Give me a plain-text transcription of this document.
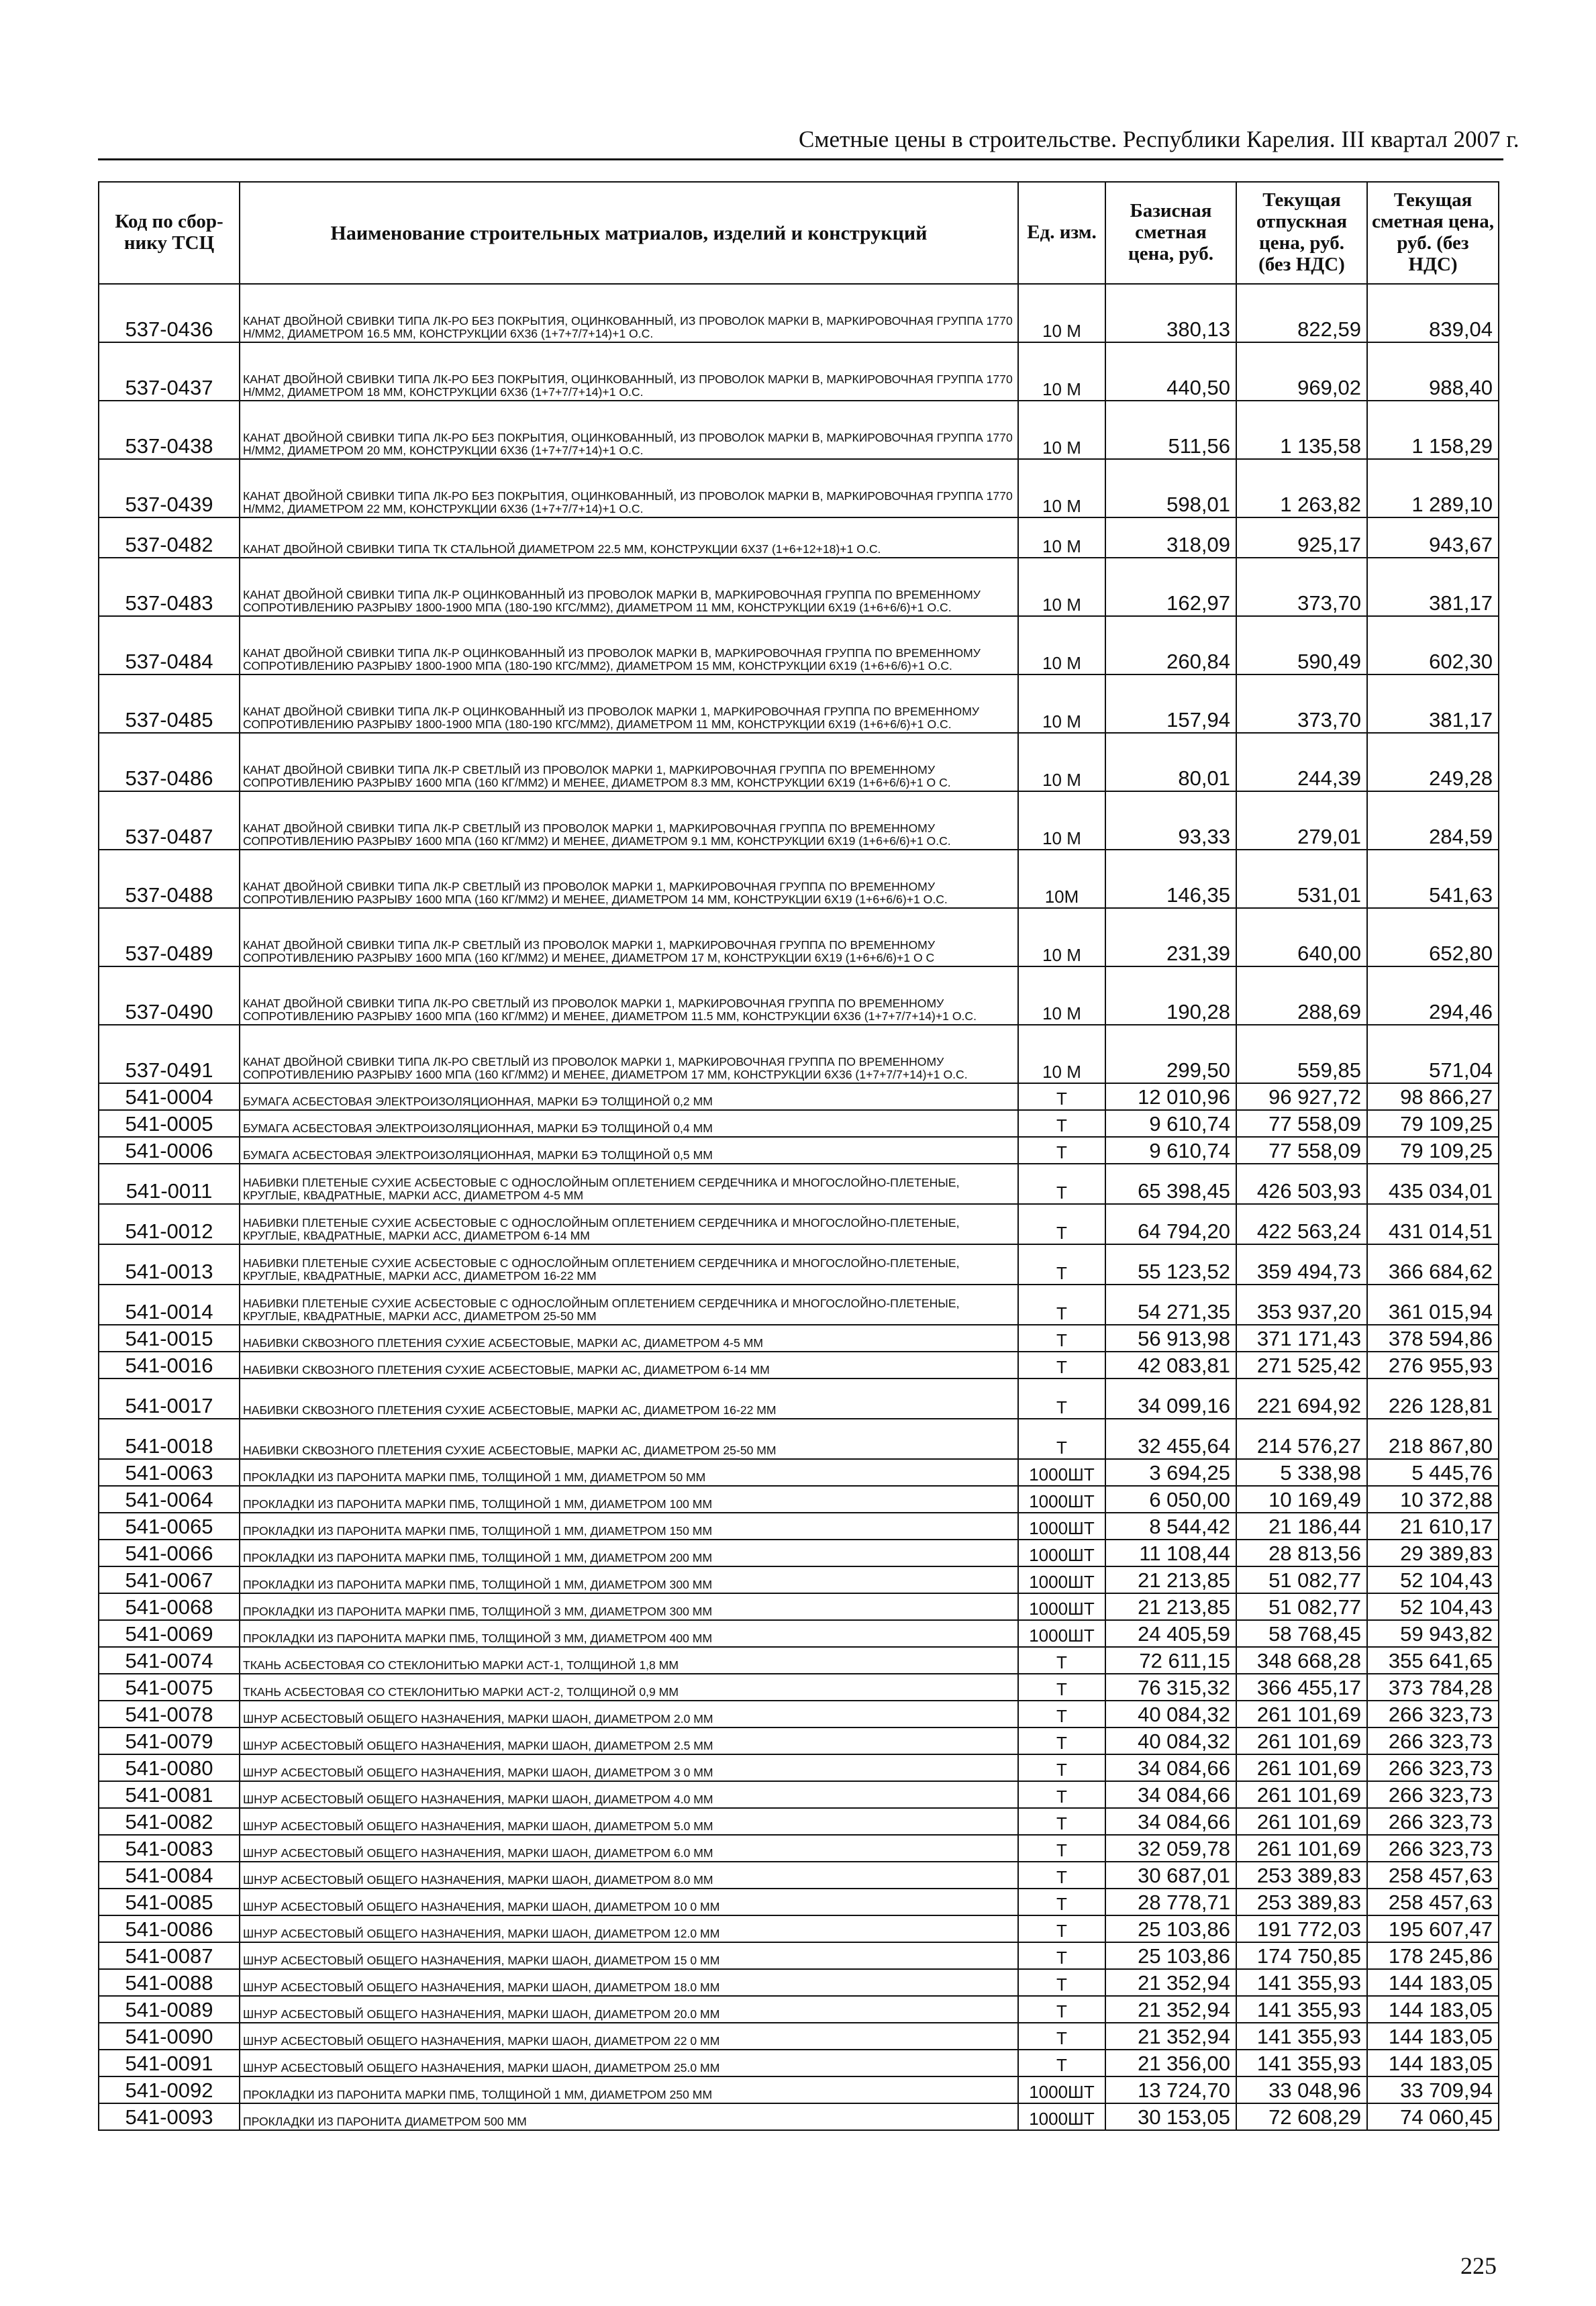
Сметные цены в строительстве. Республики Карелия. III квартал 2007 г.
Код по сбор-нику ТСЦ	Наименование строительных матриалов, изделий и конструкций	Ед. изм.	Базисная сметная цена, руб.	Текущая отпускная цена, руб. (без НДС)	Текущая сметная цена, руб. (без НДС)
537-0436	КАНАТ ДВОЙНОЙ СВИВКИ ТИПА ЛК-РО БЕЗ ПОКРЫТИЯ, ОЦИНКОВАННЫЙ, ИЗ ПРОВОЛОК МАРКИ В, МАРКИРОВОЧНАЯ ГРУППА 1770 Н/ММ2, ДИАМЕТРОМ 16.5 ММ, КОНСТРУКЦИИ 6Х36 (1+7+7/7+14)+1 О.С.	10 М	380,13	822,59	839,04
537-0437	КАНАТ ДВОЙНОЙ СВИВКИ ТИПА ЛК-РО БЕЗ ПОКРЫТИЯ, ОЦИНКОВАННЫЙ, ИЗ ПРОВОЛОК МАРКИ В, МАРКИРОВОЧНАЯ ГРУППА 1770 Н/ММ2, ДИАМЕТРОМ 18 ММ, КОНСТРУКЦИИ 6Х36 (1+7+7/7+14)+1 О.С.	10 М	440,50	969,02	988,40
537-0438	КАНАТ ДВОЙНОЙ СВИВКИ ТИПА ЛК-РО БЕЗ ПОКРЫТИЯ, ОЦИНКОВАННЫЙ, ИЗ ПРОВОЛОК МАРКИ В, МАРКИРОВОЧНАЯ ГРУППА 1770 Н/ММ2, ДИАМЕТРОМ 20 ММ, КОНСТРУКЦИИ 6Х36 (1+7+7/7+14)+1 О.С.	10 М	511,56	1 135,58	1 158,29
537-0439	КАНАТ ДВОЙНОЙ СВИВКИ ТИПА ЛК-РО БЕЗ ПОКРЫТИЯ, ОЦИНКОВАННЫЙ, ИЗ ПРОВОЛОК МАРКИ В, МАРКИРОВОЧНАЯ ГРУППА 1770 Н/ММ2, ДИАМЕТРОМ 22 ММ, КОНСТРУКЦИИ 6Х36 (1+7+7/7+14)+1 О.С.	10 М	598,01	1 263,82	1 289,10
537-0482	КАНАТ ДВОЙНОЙ СВИВКИ ТИПА ТК СТАЛЬНОЙ ДИАМЕТРОМ 22.5 ММ, КОНСТРУКЦИИ 6Х37 (1+6+12+18)+1 О.С.	10 М	318,09	925,17	943,67
537-0483	КАНАТ ДВОЙНОЙ СВИВКИ ТИПА ЛК-Р ОЦИНКОВАННЫЙ ИЗ ПРОВОЛОК МАРКИ В, МАРКИРОВОЧНАЯ ГРУППА ПО ВРЕМЕННОМУ СОПРОТИВЛЕНИЮ РАЗРЫВУ 1800-1900 МПА (180-190 КГС/ММ2), ДИАМЕТРОМ 11 ММ, КОНСТРУКЦИИ 6Х19 (1+6+6/6)+1 О.С.	10 М	162,97	373,70	381,17
537-0484	КАНАТ ДВОЙНОЙ СВИВКИ ТИПА ЛК-Р ОЦИНКОВАННЫЙ ИЗ ПРОВОЛОК МАРКИ В, МАРКИРОВОЧНАЯ ГРУППА ПО ВРЕМЕННОМУ СОПРОТИВЛЕНИЮ РАЗРЫВУ 1800-1900 МПА (180-190 КГС/ММ2), ДИАМЕТРОМ 15 ММ, КОНСТРУКЦИИ 6Х19 (1+6+6/6)+1 О.С.	10 М	260,84	590,49	602,30
537-0485	КАНАТ ДВОЙНОЙ СВИВКИ ТИПА ЛК-Р ОЦИНКОВАННЫЙ ИЗ ПРОВОЛОК МАРКИ 1, МАРКИРОВОЧНАЯ ГРУППА ПО ВРЕМЕННОМУ СОПРОТИВЛЕНИЮ РАЗРЫВУ 1800-1900 МПА (180-190 КГС/ММ2), ДИАМЕТРОМ 11 ММ, КОНСТРУКЦИИ 6Х19 (1+6+6/6)+1 О.С.	10 М	157,94	373,70	381,17
537-0486	КАНАТ ДВОЙНОЙ СВИВКИ ТИПА ЛК-Р СВЕТЛЫЙ ИЗ ПРОВОЛОК МАРКИ 1, МАРКИРОВОЧНАЯ ГРУППА ПО ВРЕМЕННОМУ СОПРОТИВЛЕНИЮ РАЗРЫВУ 1600 МПА (160 КГ/ММ2) И МЕНЕЕ, ДИАМЕТРОМ 8.3 ММ, КОНСТРУКЦИИ 6Х19 (1+6+6/6)+1 О С.	10 М	80,01	244,39	249,28
537-0487	КАНАТ ДВОЙНОЙ СВИВКИ ТИПА ЛК-Р СВЕТЛЫЙ ИЗ ПРОВОЛОК МАРКИ 1, МАРКИРОВОЧНАЯ ГРУППА ПО ВРЕМЕННОМУ СОПРОТИВЛЕНИЮ РАЗРЫВУ 1600 МПА (160 КГ/ММ2) И МЕНЕЕ, ДИАМЕТРОМ 9.1 ММ, КОНСТРУКЦИИ 6Х19 (1+6+6/6)+1 О.С.	10 М	93,33	279,01	284,59
537-0488	КАНАТ ДВОЙНОЙ СВИВКИ ТИПА ЛК-Р СВЕТЛЫЙ ИЗ ПРОВОЛОК МАРКИ 1, МАРКИРОВОЧНАЯ ГРУППА ПО ВРЕМЕННОМУ СОПРОТИВЛЕНИЮ РАЗРЫВУ 1600 МПА (160 КГ/ММ2) И МЕНЕЕ, ДИАМЕТРОМ 14 ММ, КОНСТРУКЦИИ 6Х19 (1+6+6/6)+1 О.С.	10М	146,35	531,01	541,63
537-0489	КАНАТ ДВОЙНОЙ СВИВКИ ТИПА ЛК-Р СВЕТЛЫЙ ИЗ ПРОВОЛОК МАРКИ 1, МАРКИРОВОЧНАЯ ГРУППА ПО ВРЕМЕННОМУ СОПРОТИВЛЕНИЮ РАЗРЫВУ 1600 МПА (160 КГ/ММ2) И МЕНЕЕ, ДИАМЕТРОМ 17 М, КОНСТРУКЦИИ 6Х19 (1+6+6/6)+1 О С	10 М	231,39	640,00	652,80
537-0490	КАНАТ ДВОЙНОЙ СВИВКИ ТИПА ЛК-РО СВЕТЛЫЙ ИЗ ПРОВОЛОК МАРКИ 1, МАРКИРОВОЧНАЯ ГРУППА ПО ВРЕМЕННОМУ СОПРОТИВЛЕНИЮ РАЗРЫВУ 1600 МПА (160 КГ/ММ2) И МЕНЕЕ, ДИАМЕТРОМ 11.5 ММ, КОНСТРУКЦИИ 6Х36 (1+7+7/7+14)+1 О.С.	10 М	190,28	288,69	294,46
537-0491	КАНАТ ДВОЙНОЙ СВИВКИ ТИПА ЛК-РО СВЕТЛЫЙ ИЗ ПРОВОЛОК МАРКИ 1, МАРКИРОВОЧНАЯ ГРУППА ПО ВРЕМЕННОМУ СОПРОТИВЛЕНИЮ РАЗРЫВУ 1600 МПА (160 КГ/ММ2) И МЕНЕЕ, ДИАМЕТРОМ 17 ММ, КОНСТРУКЦИИ 6Х36 (1+7+7/7+14)+1 О.С.	10 М	299,50	559,85	571,04
541-0004	БУМАГА АСБЕСТОВАЯ ЭЛЕКТРОИЗОЛЯЦИОННАЯ, МАРКИ БЭ ТОЛЩИНОЙ 0,2 ММ	Т	12 010,96	96 927,72	98 866,27
541-0005	БУМАГА АСБЕСТОВАЯ ЭЛЕКТРОИЗОЛЯЦИОННАЯ, МАРКИ БЭ ТОЛЩИНОЙ 0,4 ММ	Т	9 610,74	77 558,09	79 109,25
541-0006	БУМАГА АСБЕСТОВАЯ ЭЛЕКТРОИЗОЛЯЦИОННАЯ, МАРКИ БЭ ТОЛЩИНОЙ 0,5 ММ	Т	9 610,74	77 558,09	79 109,25
541-0011	НАБИВКИ ПЛЕТЕНЫЕ СУХИЕ АСБЕСТОВЫЕ С ОДНОСЛОЙНЫМ ОПЛЕТЕНИЕМ СЕРДЕЧНИКА И МНОГОСЛОЙНО-ПЛЕТЕНЫЕ, КРУГЛЫЕ, КВАДРАТНЫЕ, МАРКИ АСС, ДИАМЕТРОМ 4-5 ММ	Т	65 398,45	426 503,93	435 034,01
541-0012	НАБИВКИ ПЛЕТЕНЫЕ СУХИЕ АСБЕСТОВЫЕ С ОДНОСЛОЙНЫМ ОПЛЕТЕНИЕМ СЕРДЕЧНИКА И МНОГОСЛОЙНО-ПЛЕТЕНЫЕ, КРУГЛЫЕ, КВАДРАТНЫЕ, МАРКИ АСС, ДИАМЕТРОМ 6-14 ММ	Т	64 794,20	422 563,24	431 014,51
541-0013	НАБИВКИ ПЛЕТЕНЫЕ СУХИЕ АСБЕСТОВЫЕ С ОДНОСЛОЙНЫМ ОПЛЕТЕНИЕМ СЕРДЕЧНИКА И МНОГОСЛОЙНО-ПЛЕТЕНЫЕ, КРУГЛЫЕ, КВАДРАТНЫЕ, МАРКИ АСС, ДИАМЕТРОМ 16-22 ММ	Т	55 123,52	359 494,73	366 684,62
541-0014	НАБИВКИ ПЛЕТЕНЫЕ СУХИЕ АСБЕСТОВЫЕ С ОДНОСЛОЙНЫМ ОПЛЕТЕНИЕМ СЕРДЕЧНИКА И МНОГОСЛОЙНО-ПЛЕТЕНЫЕ, КРУГЛЫЕ, КВАДРАТНЫЕ, МАРКИ АСС, ДИАМЕТРОМ 25-50 ММ	Т	54 271,35	353 937,20	361 015,94
541-0015	НАБИВКИ СКВОЗНОГО ПЛЕТЕНИЯ СУХИЕ АСБЕСТОВЫЕ, МАРКИ АС, ДИАМЕТРОМ 4-5 ММ	Т	56 913,98	371 171,43	378 594,86
541-0016	НАБИВКИ СКВОЗНОГО ПЛЕТЕНИЯ СУХИЕ АСБЕСТОВЫЕ, МАРКИ АС, ДИАМЕТРОМ 6-14 ММ	Т	42 083,81	271 525,42	276 955,93
541-0017	НАБИВКИ СКВОЗНОГО ПЛЕТЕНИЯ СУХИЕ АСБЕСТОВЫЕ, МАРКИ АС, ДИАМЕТРОМ 16-22 ММ	Т	34 099,16	221 694,92	226 128,81
541-0018	НАБИВКИ СКВОЗНОГО ПЛЕТЕНИЯ СУХИЕ АСБЕСТОВЫЕ, МАРКИ АС, ДИАМЕТРОМ 25-50 ММ	Т	32 455,64	214 576,27	218 867,80
541-0063	ПРОКЛАДКИ ИЗ ПАРОНИТА МАРКИ ПМБ, ТОЛЩИНОЙ 1 ММ, ДИАМЕТРОМ 50 ММ	1000ШТ	3 694,25	5 338,98	5 445,76
541-0064	ПРОКЛАДКИ ИЗ ПАРОНИТА МАРКИ ПМБ, ТОЛЩИНОЙ 1 ММ, ДИАМЕТРОМ 100 ММ	1000ШТ	6 050,00	10 169,49	10 372,88
541-0065	ПРОКЛАДКИ ИЗ ПАРОНИТА МАРКИ ПМБ, ТОЛЩИНОЙ 1 ММ, ДИАМЕТРОМ 150 ММ	1000ШТ	8 544,42	21 186,44	21 610,17
541-0066	ПРОКЛАДКИ ИЗ ПАРОНИТА МАРКИ ПМБ, ТОЛЩИНОЙ 1 ММ, ДИАМЕТРОМ 200 ММ	1000ШТ	11 108,44	28 813,56	29 389,83
541-0067	ПРОКЛАДКИ ИЗ ПАРОНИТА МАРКИ ПМБ, ТОЛЩИНОЙ 1 ММ, ДИАМЕТРОМ 300 ММ	1000ШТ	21 213,85	51 082,77	52 104,43
541-0068	ПРОКЛАДКИ ИЗ ПАРОНИТА МАРКИ ПМБ, ТОЛЩИНОЙ 3 ММ, ДИАМЕТРОМ 300 ММ	1000ШТ	21 213,85	51 082,77	52 104,43
541-0069	ПРОКЛАДКИ ИЗ ПАРОНИТА МАРКИ ПМБ, ТОЛЩИНОЙ 3 ММ, ДИАМЕТРОМ 400 ММ	1000ШТ	24 405,59	58 768,45	59 943,82
541-0074	ТКАНЬ АСБЕСТОВАЯ СО СТЕКЛОНИТЬЮ МАРКИ АСТ-1, ТОЛЩИНОЙ 1,8 ММ	Т	72 611,15	348 668,28	355 641,65
541-0075	ТКАНЬ АСБЕСТОВАЯ СО СТЕКЛОНИТЬЮ МАРКИ АСТ-2, ТОЛЩИНОЙ 0,9 ММ	Т	76 315,32	366 455,17	373 784,28
541-0078	ШНУР АСБЕСТОВЫЙ ОБЩЕГО НАЗНАЧЕНИЯ, МАРКИ ШАОН, ДИАМЕТРОМ 2.0 ММ	Т	40 084,32	261 101,69	266 323,73
541-0079	ШНУР АСБЕСТОВЫЙ ОБЩЕГО НАЗНАЧЕНИЯ, МАРКИ ШАОН, ДИАМЕТРОМ 2.5 ММ	Т	40 084,32	261 101,69	266 323,73
541-0080	ШНУР АСБЕСТОВЫЙ ОБЩЕГО НАЗНАЧЕНИЯ, МАРКИ ШАОН, ДИАМЕТРОМ 3 0 ММ	Т	34 084,66	261 101,69	266 323,73
541-0081	ШНУР АСБЕСТОВЫЙ ОБЩЕГО НАЗНАЧЕНИЯ, МАРКИ ШАОН, ДИАМЕТРОМ 4.0 ММ	Т	34 084,66	261 101,69	266 323,73
541-0082	ШНУР АСБЕСТОВЫЙ ОБЩЕГО НАЗНАЧЕНИЯ, МАРКИ ШАОН, ДИАМЕТРОМ 5.0 ММ	Т	34 084,66	261 101,69	266 323,73
541-0083	ШНУР АСБЕСТОВЫЙ ОБЩЕГО НАЗНАЧЕНИЯ, МАРКИ ШАОН, ДИАМЕТРОМ 6.0 ММ	Т	32 059,78	261 101,69	266 323,73
541-0084	ШНУР АСБЕСТОВЫЙ ОБЩЕГО НАЗНАЧЕНИЯ, МАРКИ ШАОН, ДИАМЕТРОМ 8.0 ММ	Т	30 687,01	253 389,83	258 457,63
541-0085	ШНУР АСБЕСТОВЫЙ ОБЩЕГО НАЗНАЧЕНИЯ, МАРКИ ШАОН, ДИАМЕТРОМ 10 0 ММ	Т	28 778,71	253 389,83	258 457,63
541-0086	ШНУР АСБЕСТОВЫЙ ОБЩЕГО НАЗНАЧЕНИЯ, МАРКИ ШАОН, ДИАМЕТРОМ 12.0 ММ	Т	25 103,86	191 772,03	195 607,47
541-0087	ШНУР АСБЕСТОВЫЙ ОБЩЕГО НАЗНАЧЕНИЯ, МАРКИ ШАОН, ДИАМЕТРОМ 15 0 ММ	Т	25 103,86	174 750,85	178 245,86
541-0088	ШНУР АСБЕСТОВЫЙ ОБЩЕГО НАЗНАЧЕНИЯ, МАРКИ ШАОН, ДИАМЕТРОМ 18.0 ММ	Т	21 352,94	141 355,93	144 183,05
541-0089	ШНУР АСБЕСТОВЫЙ ОБЩЕГО НАЗНАЧЕНИЯ, МАРКИ ШАОН, ДИАМЕТРОМ 20.0 ММ	Т	21 352,94	141 355,93	144 183,05
541-0090	ШНУР АСБЕСТОВЫЙ ОБЩЕГО НАЗНАЧЕНИЯ, МАРКИ ШАОН, ДИАМЕТРОМ 22 0 ММ	Т	21 352,94	141 355,93	144 183,05
541-0091	ШНУР АСБЕСТОВЫЙ ОБЩЕГО НАЗНАЧЕНИЯ, МАРКИ ШАОН, ДИАМЕТРОМ 25.0 ММ	Т	21 356,00	141 355,93	144 183,05
541-0092	ПРОКЛАДКИ ИЗ ПАРОНИТА МАРКИ ПМБ, ТОЛЩИНОЙ 1 ММ, ДИАМЕТРОМ 250 ММ	1000ШТ	13 724,70	33 048,96	33 709,94
541-0093	ПРОКЛАДКИ ИЗ ПАРОНИТА ДИАМЕТРОМ 500 ММ	1000ШТ	30 153,05	72 608,29	74 060,45
225
